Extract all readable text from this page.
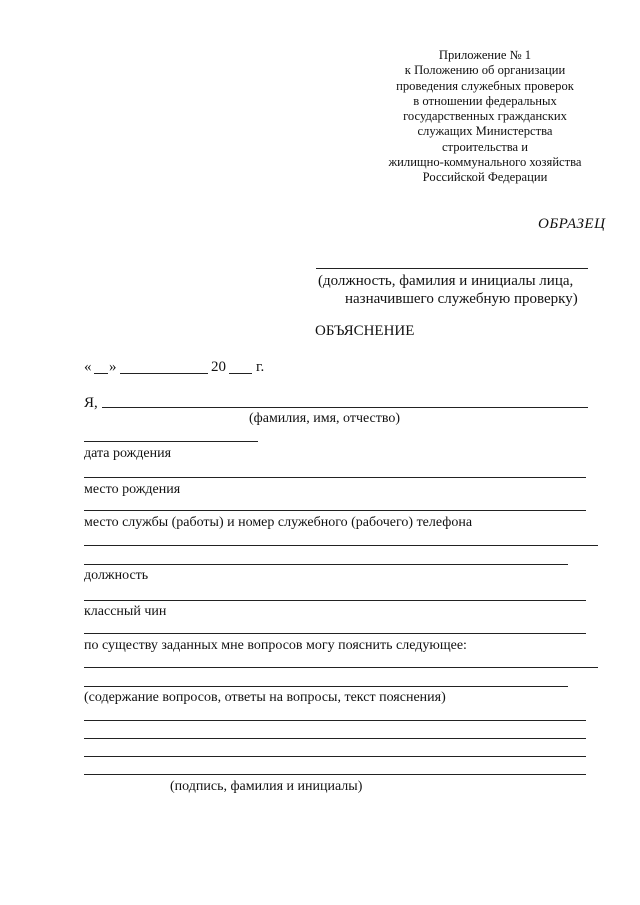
Приложение № 1
к Положению об организации
проведения служебных проверок
в отношении федеральных
государственных гражданских
служащих Министерства
строительства и
жилищно-коммунального хозяйства
Российской Федерации
ОБРАЗЕЦ
(должность, фамилия и инициалы лица,
назначившего служебную проверку)
ОБЪЯСНЕНИЕ
« »	20 г.
Я,
(фамилия, имя, отчество)
дата рождения
место рождения
место службы (работы) и номер служебного (рабочего) телефона
должность
классный чин
по существу заданных мне вопросов могу пояснить следующее:
(содержание вопросов, ответы на вопросы, текст пояснения)
(подпись, фамилия и инициалы)
